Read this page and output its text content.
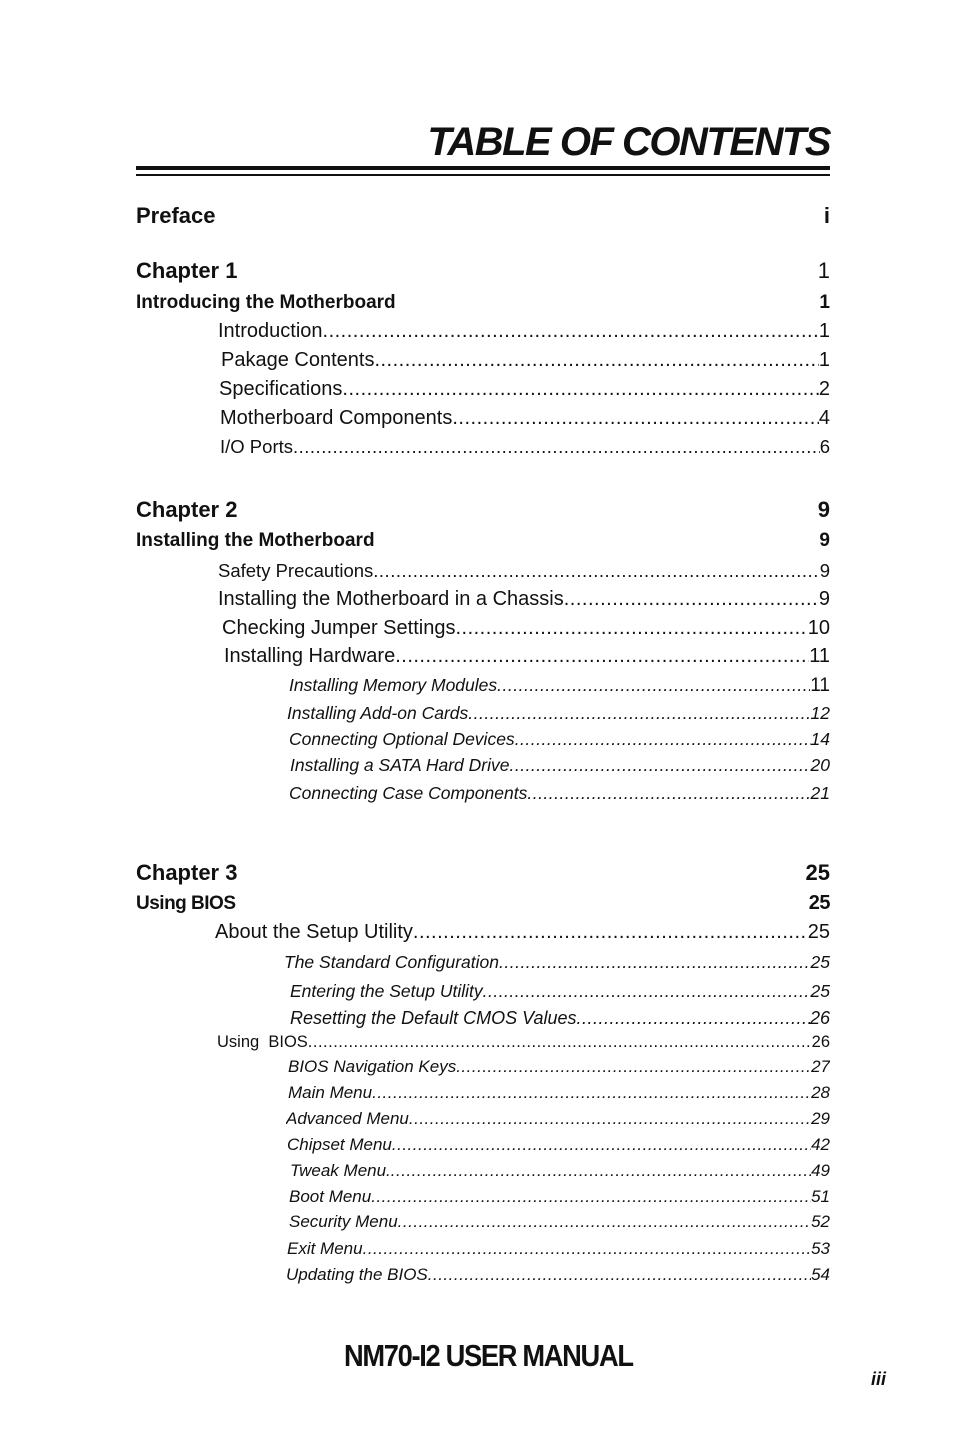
TABLE OF CONTENTS
Preface	i
Chapter 1	1
Introducing the Motherboard	1
Introduction .....	1
Pakage Contents .....	1
Specifications .....	2
Motherboard Components .....	4
I/O Ports .....	6
Chapter 2	9
Installing the Motherboard	9
Safety Precautions .....	9
Installing the Motherboard in a Chassis .....	9
Checking Jumper Settings .....	10
Installing Hardware .....	11
Installing Memory Modules .....	11
Installing Add-on Cards .....	12
Connecting Optional Devices .....	14
Installing a SATA Hard Drive .....	20
Connecting Case Components .....	21
Chapter 3	25
Using BIOS	25
About the Setup Utility .....	25
The Standard Configuration .....	25
Entering the Setup Utility .....	25
Resetting the Default CMOS Values .....	26
Using  BIOS .....	26
BIOS Navigation Keys .....	27
Main Menu .....	28
Advanced Menu .....	29
Chipset Menu .....	42
Tweak Menu. .....	49
Boot Menu .....	51
Security Menu .....	52
Exit Menu .....	53
Updating the BIOS .....	54
NM70-I2 USER MANUAL
iii
